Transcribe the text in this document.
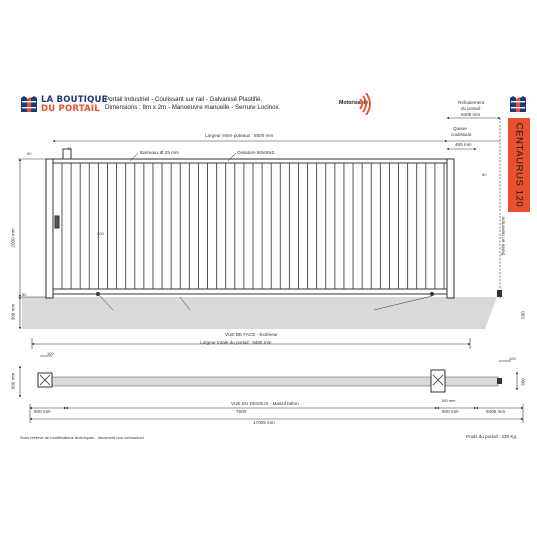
LA BOUTIQUE
DU PORTAIL
Portail Industriel - Coulissant sur rail - Galvanisé Plastifié.
Dimensions : 8m x 2m - Manoeuvre manuelle - Serrure Locinox.
Motorisable
CENTAURUS 120
Refoulement
du portail :
8405 mm
Queue
coulissant
465 mm
Largeur entre poteaux : 8000 mm
Barreaux Ø 25 mm	Ossature 60x60x2
90
40
200
60
50
2000 mm
300 mm
Butée en ouverture
500
VUE DE FACE - Extérieur
Largeur totale du portail : 8465 mm
100
100
500 mm	300
150 mm
VUE DU DESSUS - Massif béton
500 mm	7600	500 mm	8405 mm
17005 mm
Sous réserve de modifications techniques - document non contractuel.	Poids du portail : 230 Kg
